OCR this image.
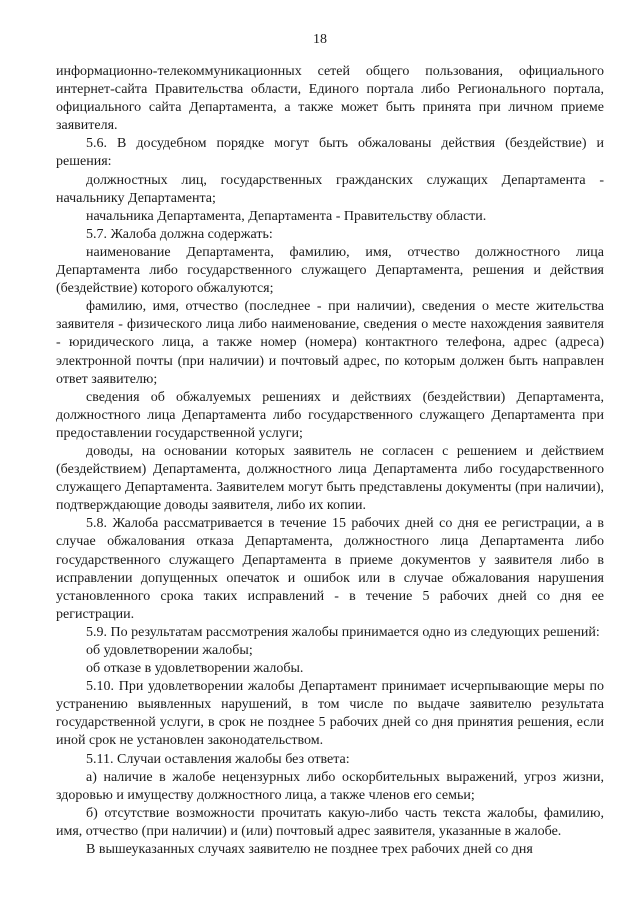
18

информационно-телекоммуникационных сетей общего пользования, официального интернет-сайта Правительства области, Единого портала либо Регионального портала, официального сайта Департамента, а также может быть принята при личном приеме заявителя.

5.6. В досудебном порядке могут быть обжалованы действия (бездействие) и решения:

должностных лиц, государственных гражданских служащих Департамента - начальнику Департамента;

начальника Департамента, Департамента - Правительству области.

5.7. Жалоба должна содержать:

наименование Департамента, фамилию, имя, отчество должностного лица Департамента либо государственного служащего Департамента, решения и действия (бездействие) которого обжалуются;

фамилию, имя, отчество (последнее - при наличии), сведения о месте жительства заявителя - физического лица либо наименование, сведения о месте нахождения заявителя - юридического лица, а также номер (номера) контактного телефона, адрес (адреса) электронной почты (при наличии) и почтовый адрес, по которым должен быть направлен ответ заявителю;

сведения об обжалуемых решениях и действиях (бездействии) Департамента, должностного лица Департамента либо государственного служащего Департамента при предоставлении государственной услуги;

доводы, на основании которых заявитель не согласен с решением и действием (бездействием) Департамента, должностного лица Департамента либо государственного служащего Департамента. Заявителем могут быть представлены документы (при наличии), подтверждающие доводы заявителя, либо их копии.

5.8. Жалоба рассматривается в течение 15 рабочих дней со дня ее регистрации, а в случае обжалования отказа Департамента, должностного лица Департамента либо государственного служащего Департамента в приеме документов у заявителя либо в исправлении допущенных опечаток и ошибок или в случае обжалования нарушения установленного срока таких исправлений - в течение 5 рабочих дней со дня ее регистрации.

5.9. По результатам рассмотрения жалобы принимается одно из следующих решений:

об удовлетворении жалобы;

об отказе в удовлетворении жалобы.

5.10. При удовлетворении жалобы Департамент принимает исчерпывающие меры по устранению выявленных нарушений, в том числе по выдаче заявителю результата государственной услуги, в срок не позднее 5 рабочих дней со дня принятия решения, если иной срок не установлен законодательством.

5.11. Случаи оставления жалобы без ответа:

а) наличие в жалобе нецензурных либо оскорбительных выражений, угроз жизни, здоровью и имуществу должностного лица, а также членов его семьи;

б) отсутствие возможности прочитать какую-либо часть текста жалобы, фамилию, имя, отчество (при наличии) и (или) почтовый адрес заявителя, указанные в жалобе.

В вышеуказанных случаях заявителю не позднее трех рабочих дней со дня
